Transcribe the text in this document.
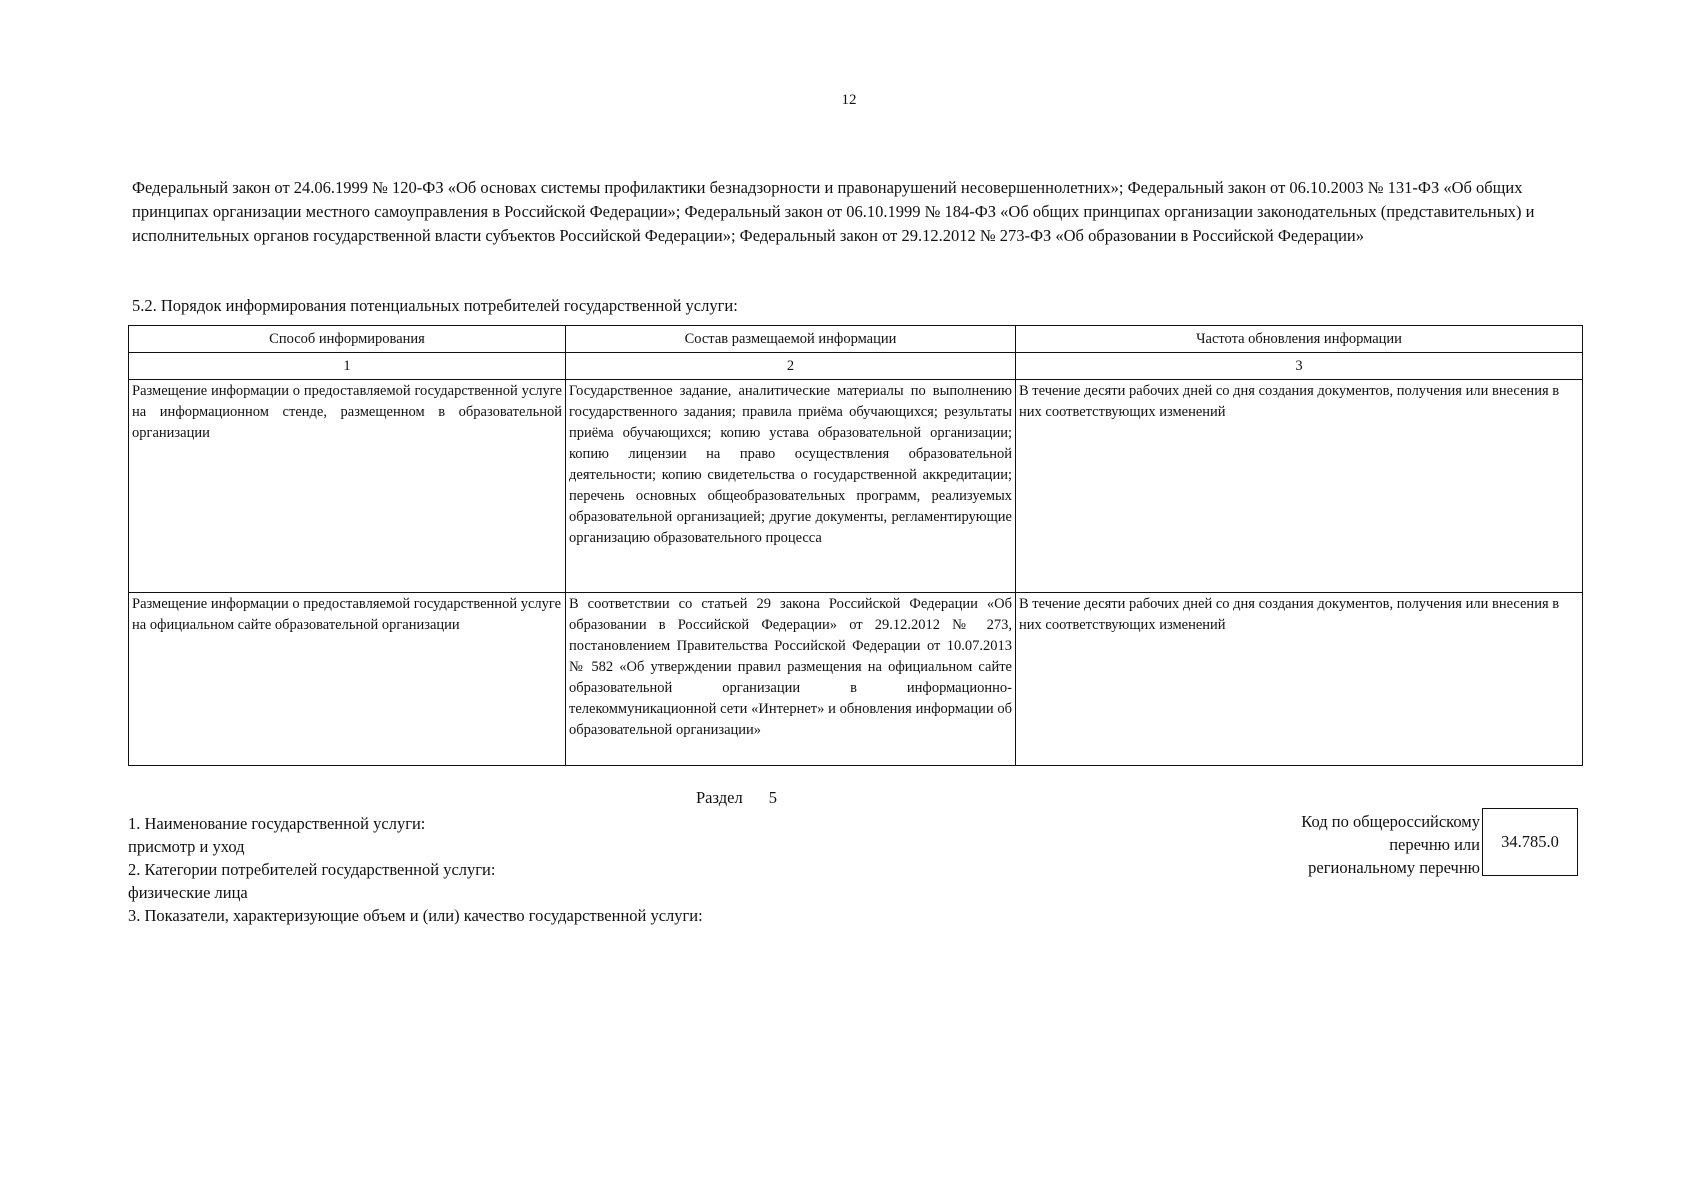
12
Федеральный закон от 24.06.1999 № 120-ФЗ «Об основах системы профилактики безнадзорности и правонарушений несовершеннолетних»; Федеральный закон от 06.10.2003 № 131-ФЗ «Об общих принципах организации местного самоуправления в Российской Федерации»; Федеральный закон от 06.10.1999 № 184-ФЗ «Об общих принципах организации законодательных (представительных) и исполнительных органов государственной власти субъектов Российской Федерации»; Федеральный закон от 29.12.2012 № 273-ФЗ «Об образовании в Российской Федерации»
5.2. Порядок информирования потенциальных потребителей государственной услуги:
Способ информирования	Состав размещаемой информации	Частота обновления информации
1	2	3
Размещение информации о предоставляемой государственной услуге на информационном стенде, размещенном в образовательной организации	Государственное задание, аналитические материалы по выполнению государственного задания; правила приёма обучающихся; результаты приёма обучающихся; копию устава образовательной организации; копию лицензии на право осуществления образовательной деятельности; копию свидетельства о государственной аккредитации; перечень основных общеобразовательных программ, реализуемых образовательной организацией; другие документы, регламентирующие организацию образовательного процесса	В течение десяти рабочих дней со дня создания документов, получения или внесения в них соответствующих изменений
Размещение информации о предоставляемой государственной услуге на официальном сайте образовательной организации	В соответствии со статьей 29 закона Российской Федерации «Об образовании в Российской Федерации» от 29.12.2012 № 273, постановлением Правительства Российской Федерации от 10.07.2013 № 582 «Об утверждении правил размещения на официальном сайте образовательной организации в информационно-телекоммуникационной сети «Интернет» и обновления информации об образовательной организации»	В течение десяти рабочих дней со дня создания документов, получения или внесения в них соответствующих изменений
Раздел 5
1. Наименование государственной услуги:
присмотр и уход
2. Категории потребителей государственной услуги:
физические лица
3. Показатели, характеризующие объем и (или) качество государственной услуги:
Код по общероссийскому
перечню или
региональному перечню
34.785.0
